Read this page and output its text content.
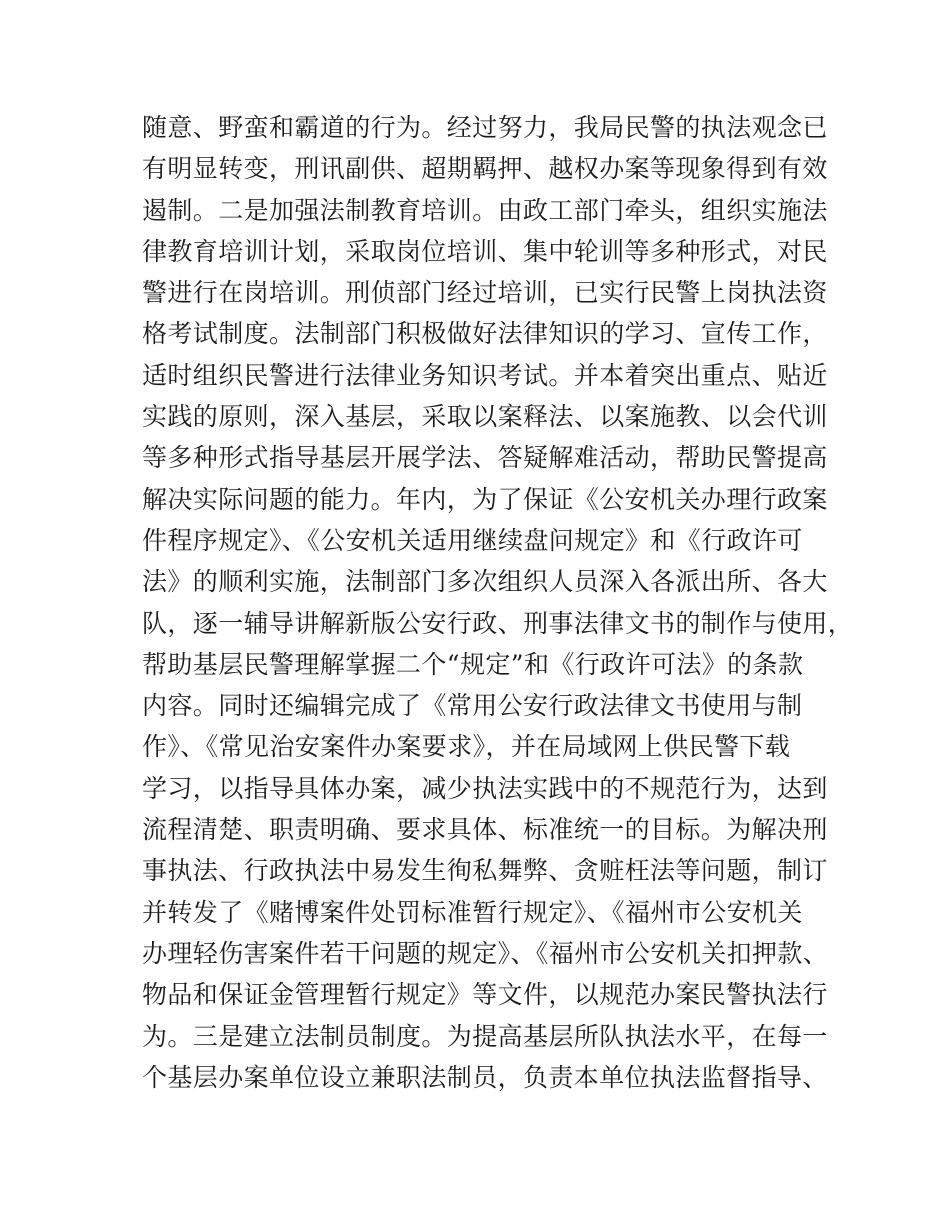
随意、野蛮和霸道的行为。经过努力，我局民警的执法观念已
有明显转变，刑讯副供、超期羁押、越权办案等现象得到有效
遏制。二是加强法制教育培训。由政工部门牵头，组织实施法
律教育培训计划，采取岗位培训、集中轮训等多种形式，对民
警进行在岗培训。刑侦部门经过培训，已实行民警上岗执法资
格考试制度。法制部门积极做好法律知识的学习、宣传工作，
适时组织民警进行法律业务知识考试。并本着突出重点、贴近
实践的原则，深入基层，采取以案释法、以案施教、以会代训
等多种形式指导基层开展学法、答疑解难活动，帮助民警提高
解决实际问题的能力。年内，为了保证《公安机关办理行政案
件程序规定》、《公安机关适用继续盘问规定》和《行政许可
法》的顺利实施，法制部门多次组织人员深入各派出所、各大
队，逐一辅导讲解新版公安行政、刑事法律文书的制作与使用，
帮助基层民警理解掌握二个“规定”和《行政许可法》的条款
内容。同时还编辑完成了《常用公安行政法律文书使用与制
作》、《常见治安案件办案要求》，并在局域网上供民警下载
学习，以指导具体办案，减少执法实践中的不规范行为，达到
流程清楚、职责明确、要求具体、标准统一的目标。为解决刑
事执法、行政执法中易发生徇私舞弊、贪赃枉法等问题，制订
并转发了《赌博案件处罚标准暂行规定》、《福州市公安机关
办理轻伤害案件若干问题的规定》、《福州市公安机关扣押款、
物品和保证金管理暂行规定》等文件，以规范办案民警执法行
为。三是建立法制员制度。为提高基层所队执法水平，在每一
个基层办案单位设立兼职法制员，负责本单位执法监督指导、
